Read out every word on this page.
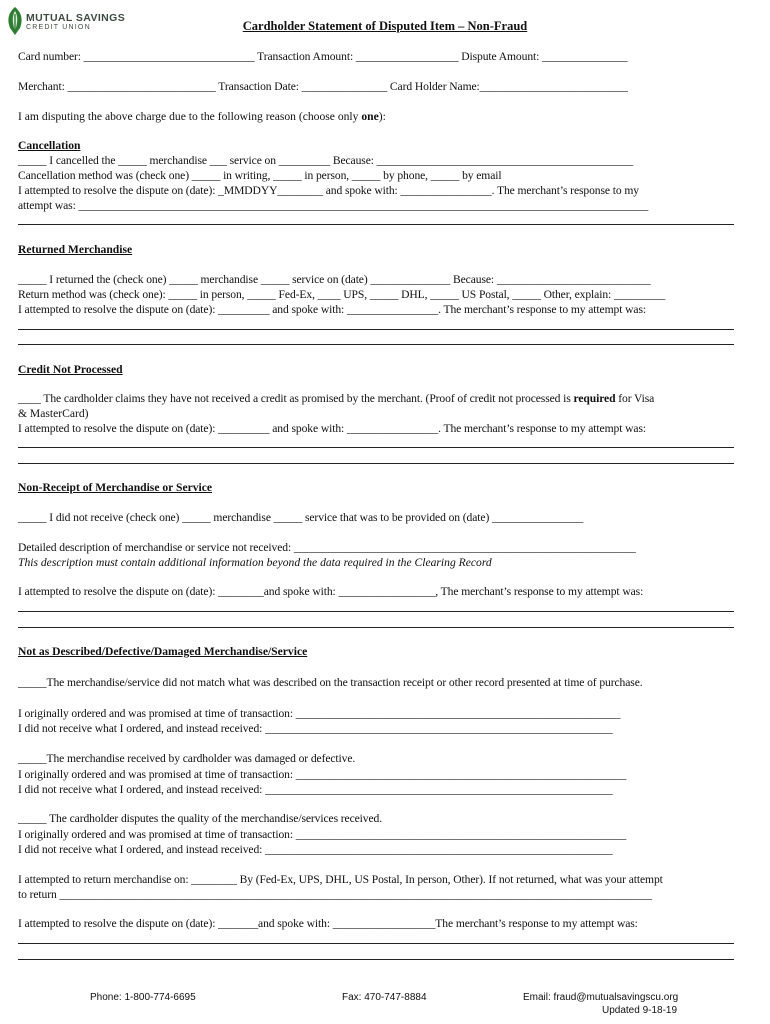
MUTUAL SAVINGS
CREDIT UNION	Cardholder Statement of Disputed Item – Non-Fraud
Card number: ______________________________ Transaction Amount: __________________ Dispute Amount: _______________
Merchant: __________________________ Transaction Date: _______________ Card Holder Name:__________________________
I am disputing the above charge due to the following reason (choose only one):
Cancellation
_____ I cancelled the _____ merchandise ___ service on _________ Because: _____________________________________________
Cancellation method was (check one) _____ in writing, _____ in person, _____ by phone, _____ by email
I attempted to resolve the dispute on (date): _MMDDYY________ and spoke with: ________________. The merchant’s response to my
attempt was: ____________________________________________________________________________________________________
Returned Merchandise
_____ I returned the (check one) _____ merchandise _____ service on (date) ______________ Because: ___________________________
Return method was (check one): _____ in person, _____ Fed-Ex, ____ UPS, _____ DHL, _____ US Postal, _____ Other, explain: _________
I attempted to resolve the dispute on (date): _________ and spoke with: ________________. The merchant’s response to my attempt was:
Credit Not Processed
____ The cardholder claims they have not received a credit as promised by the merchant. (Proof of credit not processed is required for Visa
& MasterCard)
I attempted to resolve the dispute on (date): _________ and spoke with: ________________. The merchant’s response to my attempt was:
Non-Receipt of Merchandise or Service
_____ I did not receive (check one) _____ merchandise _____ service that was to be provided on (date) ________________
Detailed description of merchandise or service not received: ____________________________________________________________
This description must contain additional information beyond the data required in the Clearing Record
I attempted to resolve the dispute on (date): ________and spoke with: _________________, The merchant’s response to my attempt was:
Not as Described/Defective/Damaged Merchandise/Service
_____The merchandise/service did not match what was described on the transaction receipt or other record presented at time of purchase.
I originally ordered and was promised at time of transaction: _________________________________________________________
I did not receive what I ordered, and instead received: _____________________________________________________________
_____The merchandise received by cardholder was damaged or defective.
I originally ordered and was promised at time of transaction: __________________________________________________________
I did not receive what I ordered, and instead received: _____________________________________________________________
_____ The cardholder disputes the quality of the merchandise/services received.
I originally ordered and was promised at time of transaction: __________________________________________________________
I did not receive what I ordered, and instead received: _____________________________________________________________
I attempted to return merchandise on: ________ By (Fed-Ex, UPS, DHL, US Postal, In person, Other). If not returned, what was your attempt
to return ________________________________________________________________________________________________________
I attempted to resolve the dispute on (date): _______and spoke with: __________________The merchant’s response to my attempt was:
Phone: 1-800-774-6695	Fax: 470-747-8884	Email: fraud@mutualsavingscu.org
Updated 9-18-19
